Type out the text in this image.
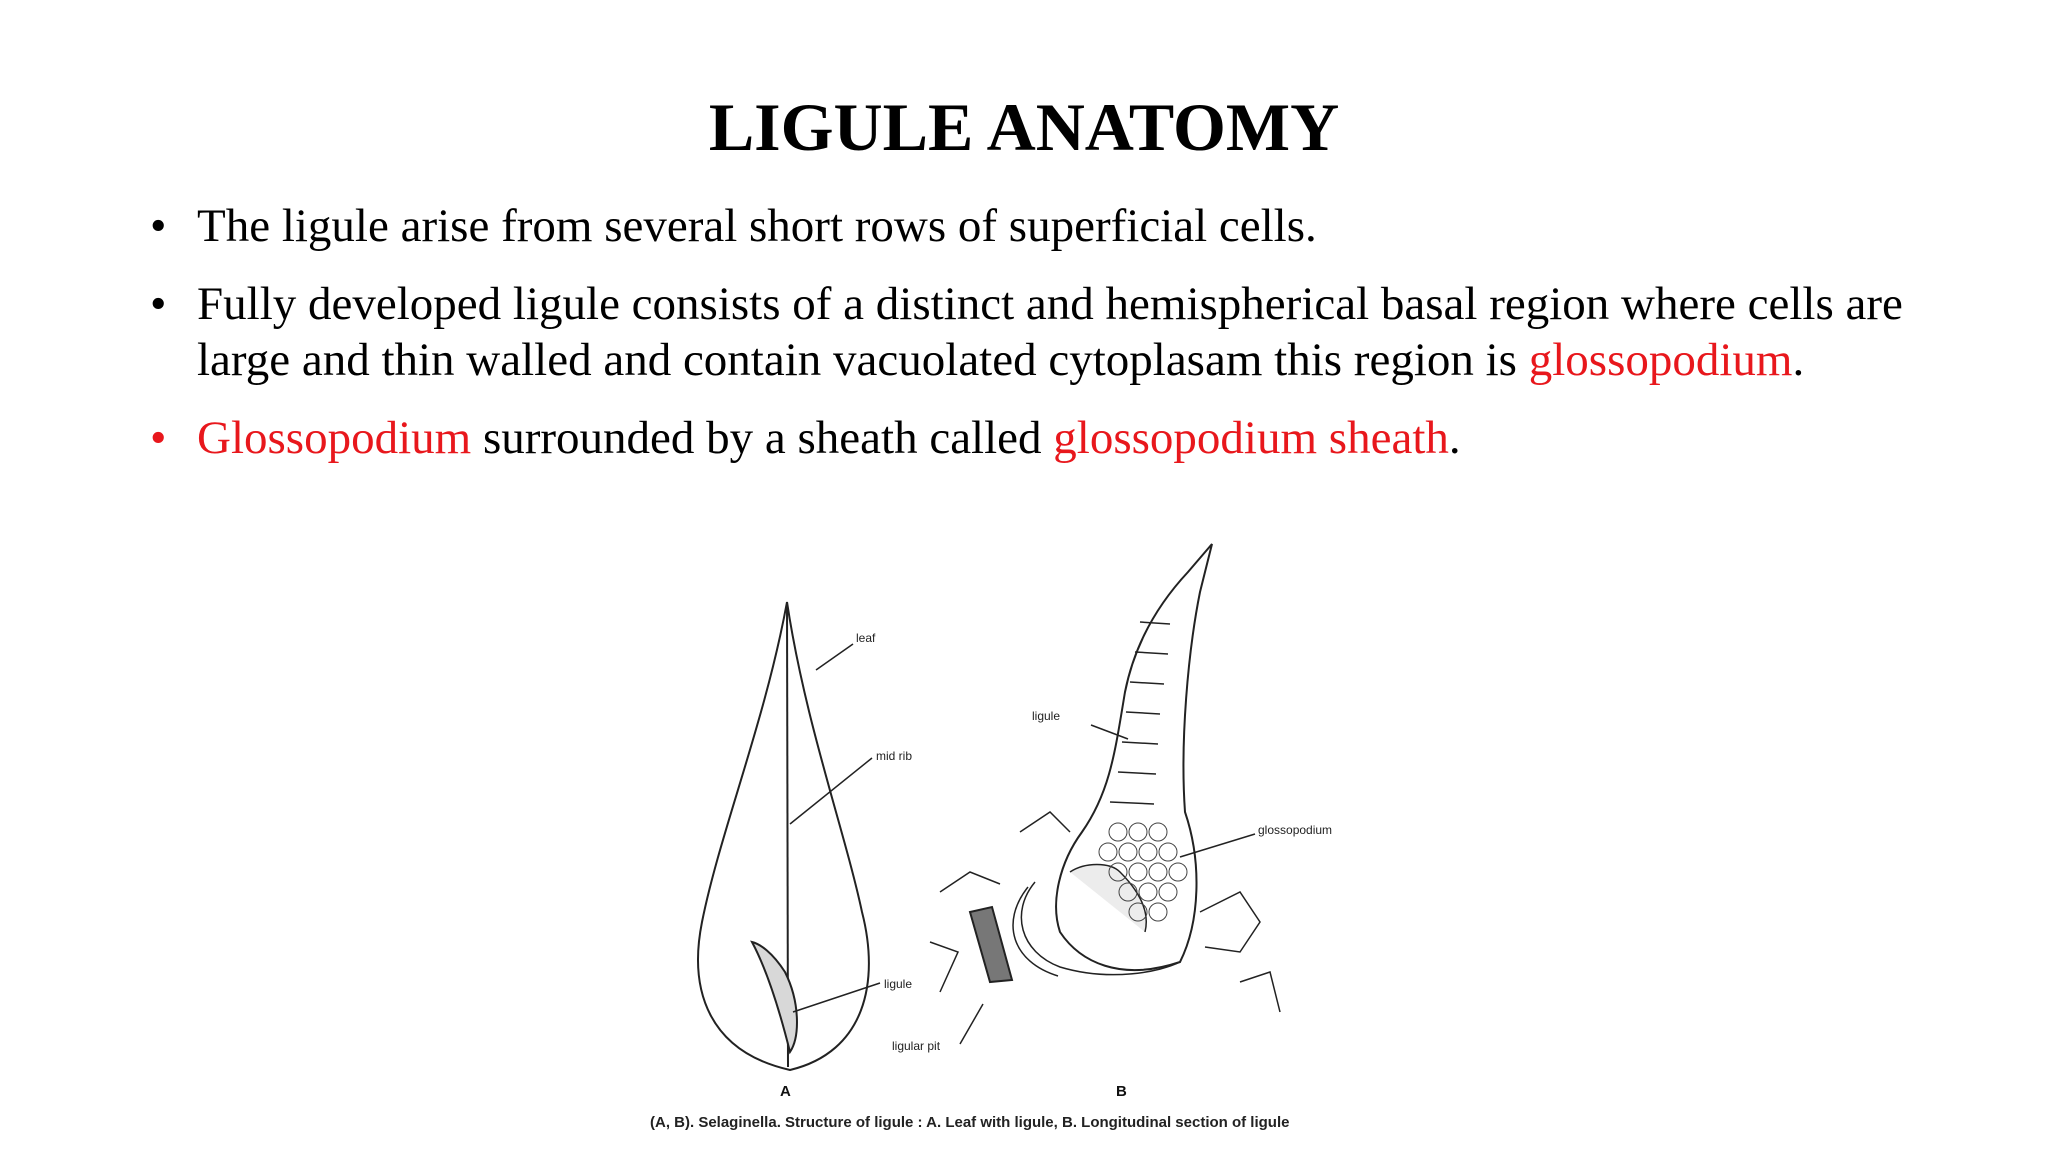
LIGULE ANATOMY
• The ligule arise from several short rows of superficial cells.
• Fully developed ligule consists of a distinct and hemispherical basal region where cells are large and thin walled and contain vacuolated cytoplasam this region is glossopodium.
• Glossopodium surrounded by a sheath called glossopodium sheath.
leaf
mid rib
ligule
A
ligule
glossopodium
ligular pit
B
(A, B). Selaginella. Structure of ligule : A. Leaf with ligule, B. Longitudinal section of ligule
